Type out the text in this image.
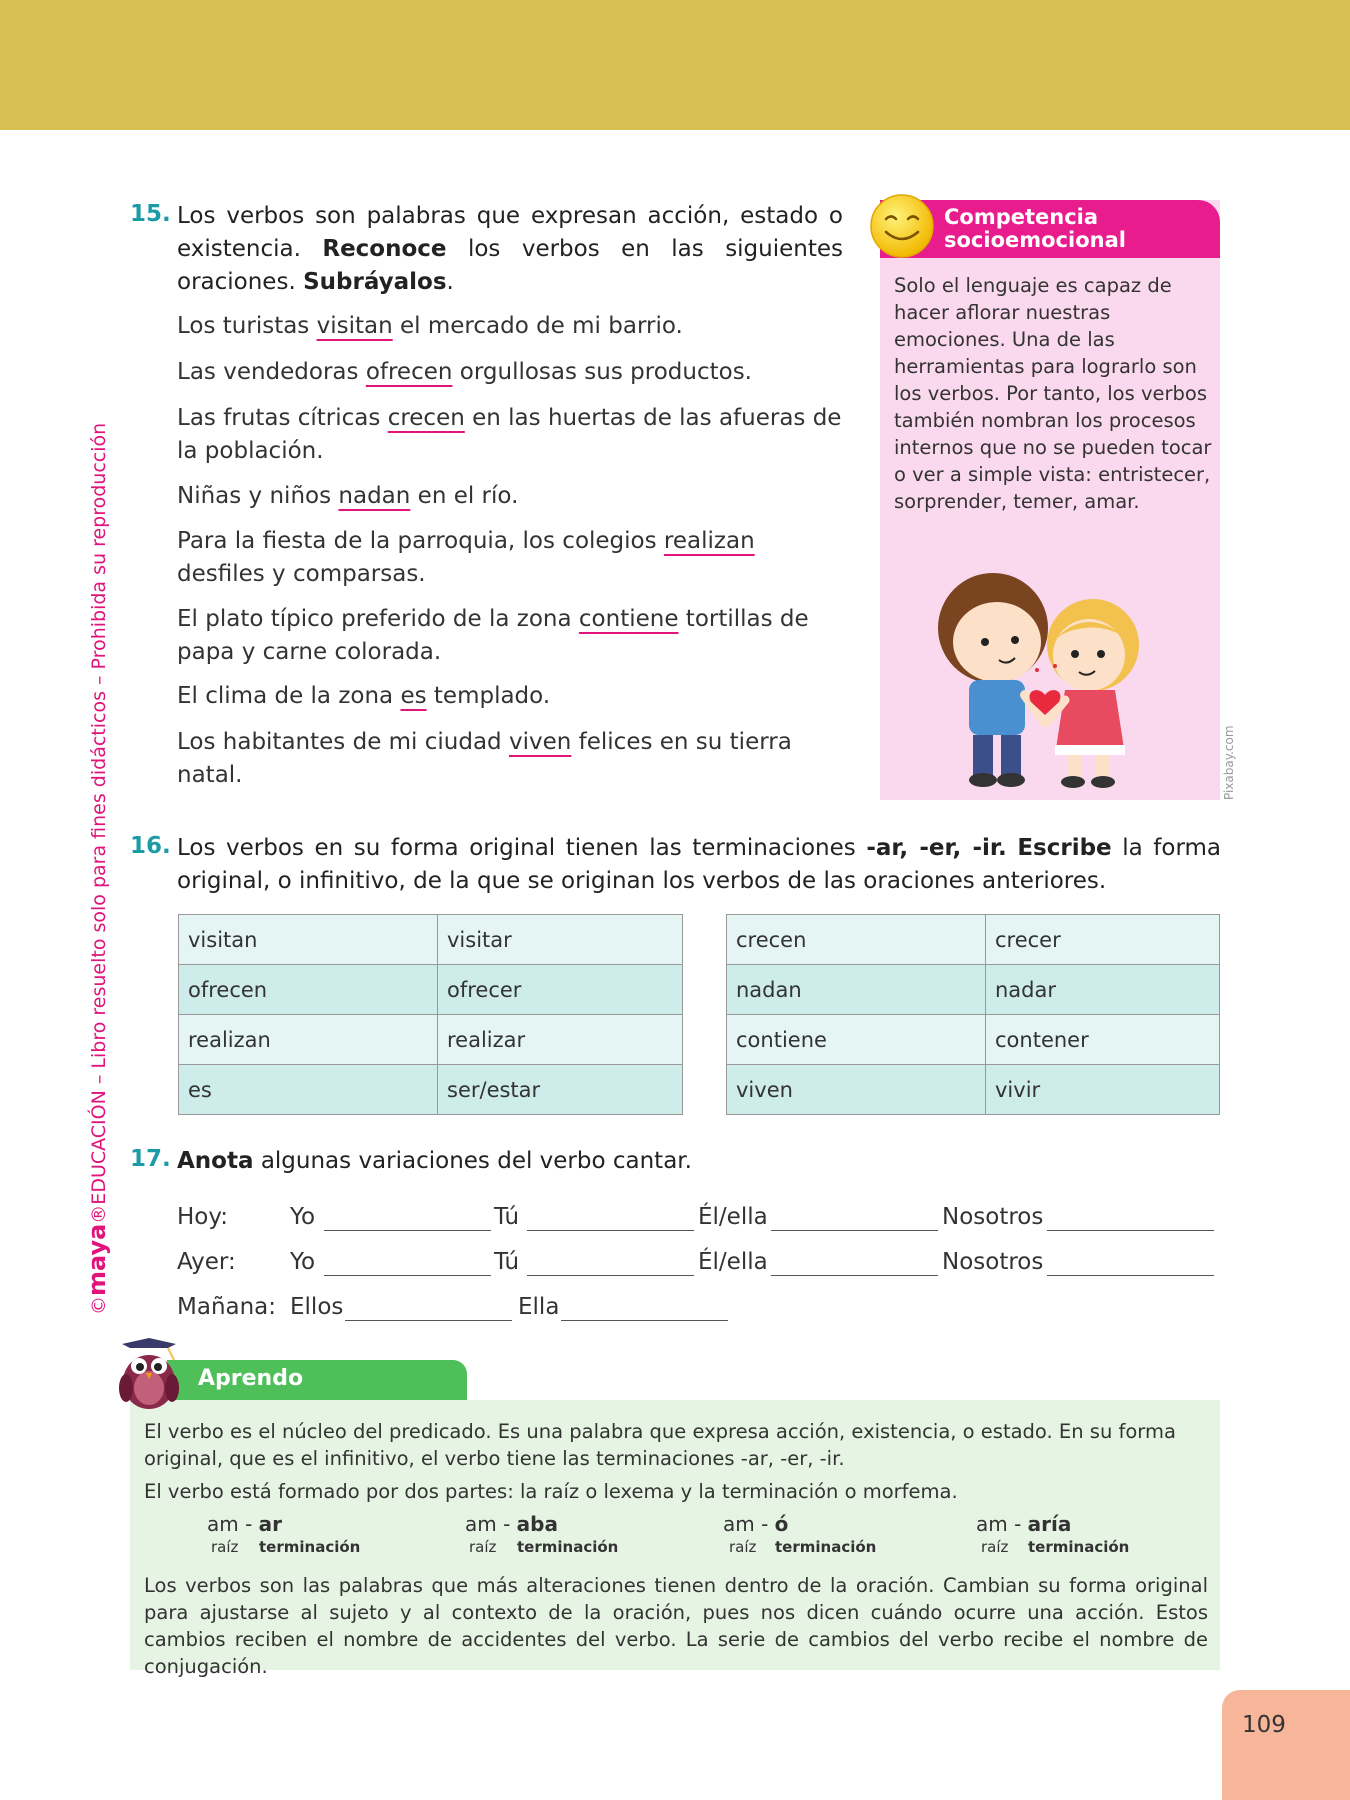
©maya®EDUCACIÓN – Libro resuelto solo para fines didácticos – Prohibida su reproducción
15. Los verbos son palabras que expresan acción, estado o existencia. Reconoce los verbos en las siguientes oraciones. Subráyalos.
Los turistas visitan el mercado de mi barrio.
Las vendedoras ofrecen orgullosas sus productos.
Las frutas cítricas crecen en las huertas de las afueras de la población.
Niñas y niños nadan en el río.
Para la fiesta de la parroquia, los colegios realizan desfiles y comparsas.
El plato típico preferido de la zona contiene tortillas de papa y carne colorada.
El clima de la zona es templado.
Los habitantes de mi ciudad viven felices en su tierra natal.
Competencia
socioemocional
Solo el lenguaje es capaz de hacer aflorar nuestras emociones. Una de las herramientas para lograrlo son los verbos. Por tanto, los verbos también nombran los procesos internos que no se pueden tocar o ver a simple vista: entristecer, sorprender, temer, amar.
Pixabay.com
16. Los verbos en su forma original tienen las terminaciones -ar, -er, -ir. Escribe la forma original, o infinitivo, de la que se originan los verbos de las oraciones anteriores.
visitan	visitar
ofrecen	ofrecer
realizan	realizar
es	ser/estar
crecen	crecer
nadan	nadar
contiene	contener
viven	vivir
17. Anota algunas variaciones del verbo cantar.
Hoy:	Yo	Tú	Él/ella	Nosotros
Ayer: Yo	Tú	Él/ella	Nosotros
Mañana: Ellos	Ella
Aprendo
El verbo es el núcleo del predicado. Es una palabra que expresa acción, existencia, o estado. En su forma original, que es el infinitivo, el verbo tiene las terminaciones -ar, -er, -ir.
El verbo está formado por dos partes: la raíz o lexema y la terminación o morfema.
am - ar
raíz terminación
am - aba
raíz terminación
am - ó
raíz terminación
am - aría
raíz terminación
Los verbos son las palabras que más alteraciones tienen dentro de la oración. Cambian su forma original para ajustarse al sujeto y al contexto de la oración, pues nos dicen cuándo ocurre una acción. Estos cambios reciben el nombre de accidentes del verbo. La serie de cambios del verbo recibe el nombre de conjugación.
109
